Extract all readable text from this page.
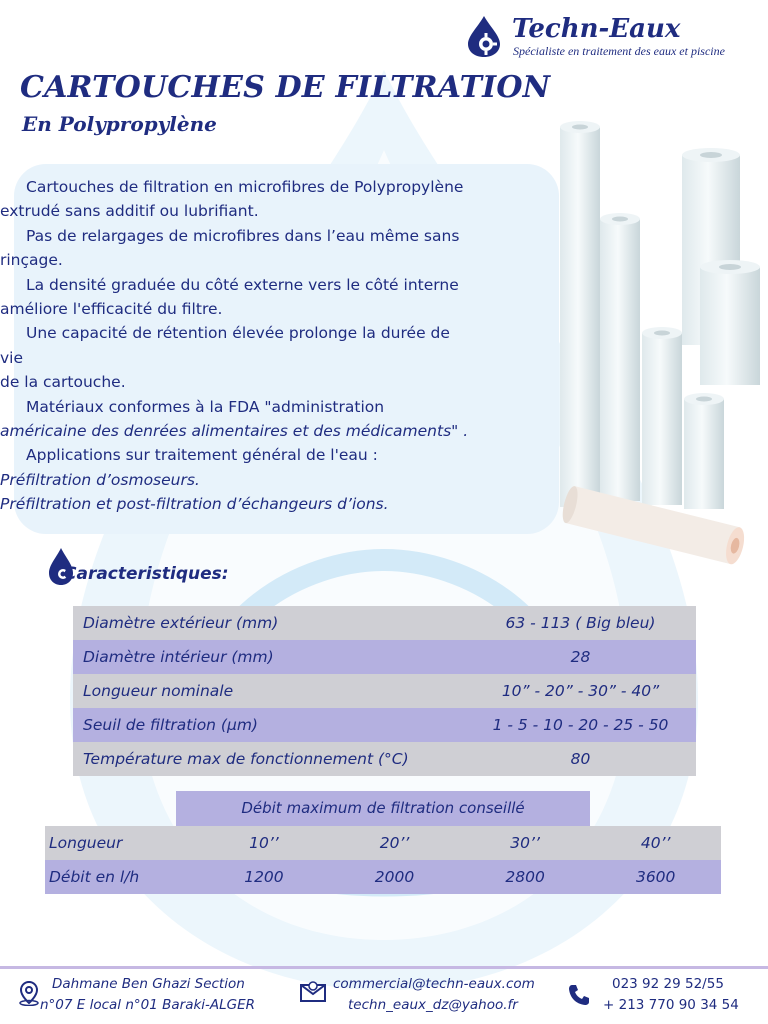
Techn-Eaux
Spécialiste en traitement des eaux et piscine
CARTOUCHES DE FILTRATION
En Polypropylène

Cartouches de filtration en microfibres de Polypropylène

extrudé sans additif ou lubrifiant.

Pas de relargages de microfibres dans l’eau même sans

rinçage.

La densité graduée du côté externe vers le côté interne

améliore l'efficacité du filtre.

Une capacité de rétention élevée prolonge la durée de

vie

de la cartouche.

Matériaux conformes à la FDA "administration

américaine des denrées alimentaires et des médicaments" .

Applications sur traitement général de l'eau :

Préfiltration d’osmoseurs.

Préfiltration et post-filtration d’échangeurs d’ions.

Caracteristiques:
Diamètre extérieur (mm)	63 - 113 ( Big bleu)
Diamètre intérieur (mm)	28
Longueur nominale	10” - 20” - 30” - 40”
Seuil de filtration (µm)	1 - 5 - 10 - 20 - 25 - 50
Température max de fonctionnement (°C)	80
Débit maximum de filtration conseillé
Longueur	10’’	20’’	30’’	40’’
Débit en l/h	1200	2000	2800	3600
Dahmane Ben Ghazi Section
n°07 E local n°01 Baraki-ALGER
commercial@techn-eaux.com
techn_eaux_dz@yahoo.fr
023 92 29 52/55
+ 213 770 90 34 54
